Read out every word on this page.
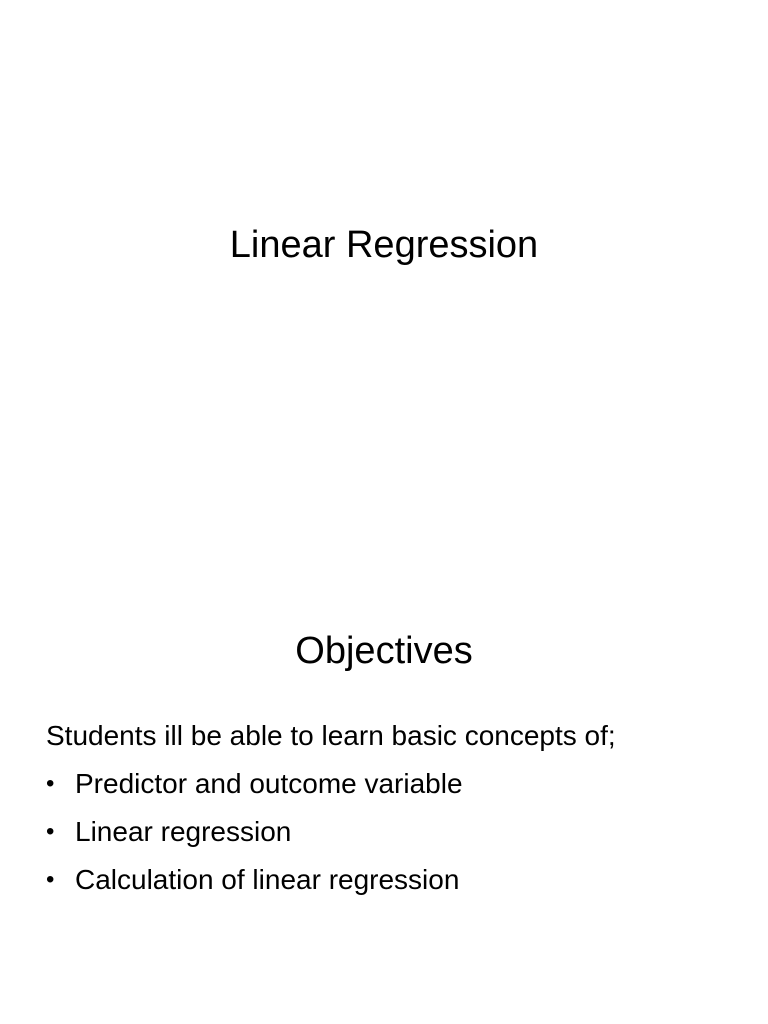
Linear Regression
Objectives

Students ill be able to learn basic concepts of;

• Predictor and outcome variable
• Linear regression
• Calculation of linear regression
